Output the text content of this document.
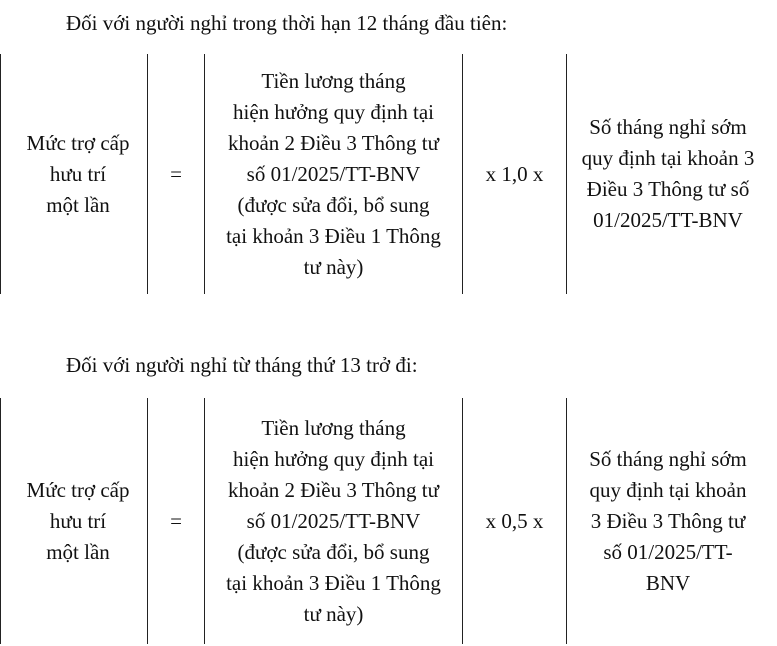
Đối với người nghỉ trong thời hạn 12 tháng đầu tiên:
Mức trợ cấp
hưu trí
một lần
=
Tiền lương tháng
hiện hưởng quy định tại
khoản 2 Điều 3 Thông tư
số 01/2025/TT-BNV
(được sửa đổi, bổ sung
tại khoản 3 Điều 1 Thông
tư này)
x 1,0 x
Số tháng nghỉ sớm
quy định tại khoản 3
Điều 3 Thông tư số
01/2025/TT-BNV
Đối với người nghỉ từ tháng thứ 13 trở đi:
Mức trợ cấp
hưu trí
một lần
=
Tiền lương tháng
hiện hưởng quy định tại
khoản 2 Điều 3 Thông tư
số 01/2025/TT-BNV
(được sửa đổi, bổ sung
tại khoản 3 Điều 1 Thông
tư này)
x 0,5 x
Số tháng nghỉ sớm
quy định tại khoản
3 Điều 3 Thông tư
số 01/2025/TT-
BNV
